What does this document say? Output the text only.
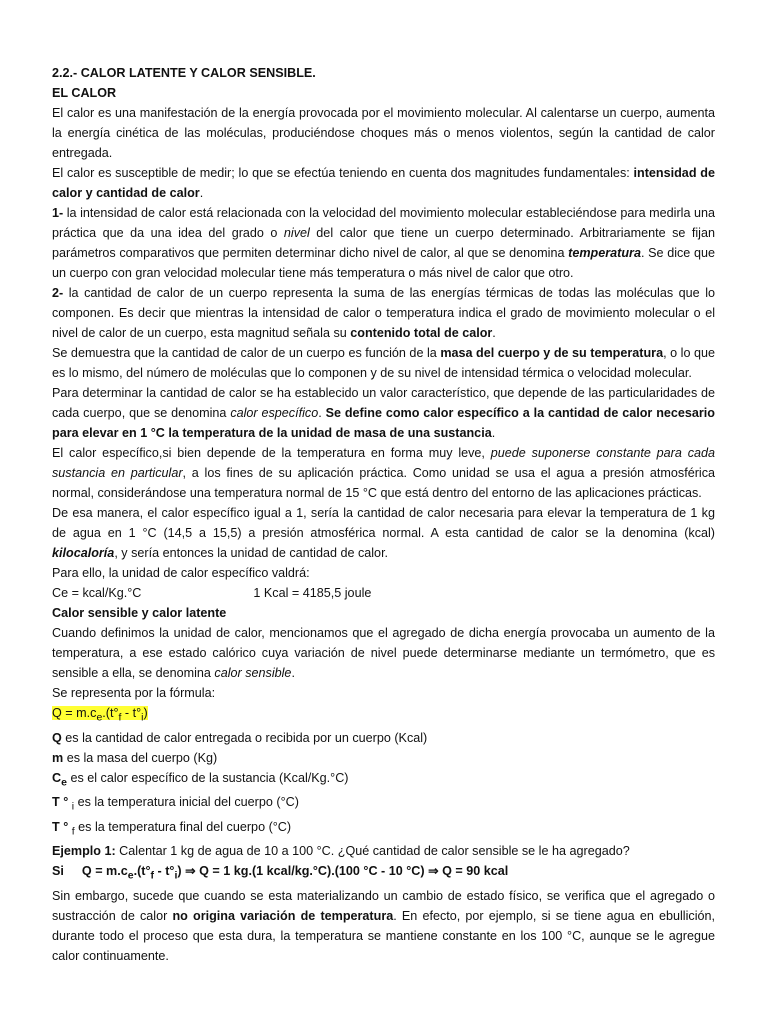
2.2.- CALOR LATENTE Y CALOR SENSIBLE.

EL CALOR

El calor es una manifestación de la energía provocada por el movimiento molecular. Al calentarse un cuerpo, aumenta la energía cinética de las moléculas, produciéndose choques más o menos violentos, según la cantidad de calor entregada.

El calor es susceptible de medir; lo que se efectúa teniendo en cuenta dos magnitudes fundamentales: intensidad de calor y cantidad de calor.

1- la intensidad de calor está relacionada con la velocidad del movimiento molecular estableciéndose para medirla una práctica que da una idea del grado o nivel del calor que tiene un cuerpo determinado. Arbitrariamente se fijan parámetros comparativos que permiten determinar dicho nivel de calor, al que se denomina temperatura. Se dice que un cuerpo con gran velocidad molecular tiene más temperatura o más nivel de calor que otro.

2- la cantidad de calor de un cuerpo representa la suma de las energías térmicas de todas las moléculas que lo componen. Es decir que mientras la intensidad de calor o temperatura indica el grado de movimiento molecular o el nivel de calor de un cuerpo, esta magnitud señala su contenido total de calor.

Se demuestra que la cantidad de calor de un cuerpo es función de la masa del cuerpo y de su temperatura, o lo que es lo mismo, del número de moléculas que lo componen y de su nivel de intensidad térmica o velocidad molecular.

Para determinar la cantidad de calor se ha establecido un valor característico, que depende de las particularidades de cada cuerpo, que se denomina calor específico. Se define como calor específico a la cantidad de calor necesario para elevar en 1 °C la temperatura de la unidad de masa de una sustancia.

El calor específico,si bien depende de la temperatura en forma muy leve, puede suponerse constante para cada sustancia en particular, a los fines de su aplicación práctica. Como unidad se usa el agua a presión atmosférica normal, considerándose una temperatura normal de 15 °C que está dentro del entorno de las aplicaciones prácticas.

De esa manera, el calor específico igual a 1, sería la cantidad de calor necesaria para elevar la temperatura de 1 kg de agua en 1 °C (14,5 a 15,5) a presión atmosférica normal. A esta cantidad de calor se la denomina (kcal) kilocaloría, y sería entonces la unidad de cantidad de calor.

Para ello, la unidad de calor específico valdrá:

Ce = kcal/Kg.°C	1 Kcal = 4185,5 joule

Calor sensible y calor latente

Cuando definimos la unidad de calor, mencionamos que el agregado de dicha energía provocaba un aumento de la temperatura, a ese estado calórico cuya variación de nivel puede determinarse mediante un termómetro, que es sensible a ella, se denomina calor sensible.

Se representa por la fórmula:

$Q = m.c_e.(t^\circ_f - t^\circ_i)$

Q es la cantidad de calor entregada o recibida por un cuerpo (Kcal)

m es la masa del cuerpo (Kg)

$C_e$ es el calor específico de la sustancia (Kcal/Kg.°C)

T ° $_i$ es la temperatura inicial del cuerpo (°C)

T ° $_f$ es la temperatura final del cuerpo (°C)

Ejemplo 1: Calentar 1 kg de agua de 10 a 100 °C. ¿Qué cantidad de calor sensible se le ha agregado?

Si $Q = m.c_e.(t^\circ_f - t^\circ_i)$ ⇒ Q = 1 kg.(1 kcal/kg.°C).(100 °C - 10 °C) ⇒ Q = 90 kcal

Sin embargo, sucede que cuando se esta materializando un cambio de estado físico, se verifica que el agregado o sustracción de calor no origina variación de temperatura. En efecto, por ejemplo, si se tiene agua en ebullición, durante todo el proceso que esta dura, la temperatura se mantiene constante en los 100 °C, aunque se le agregue calor continuamente.
